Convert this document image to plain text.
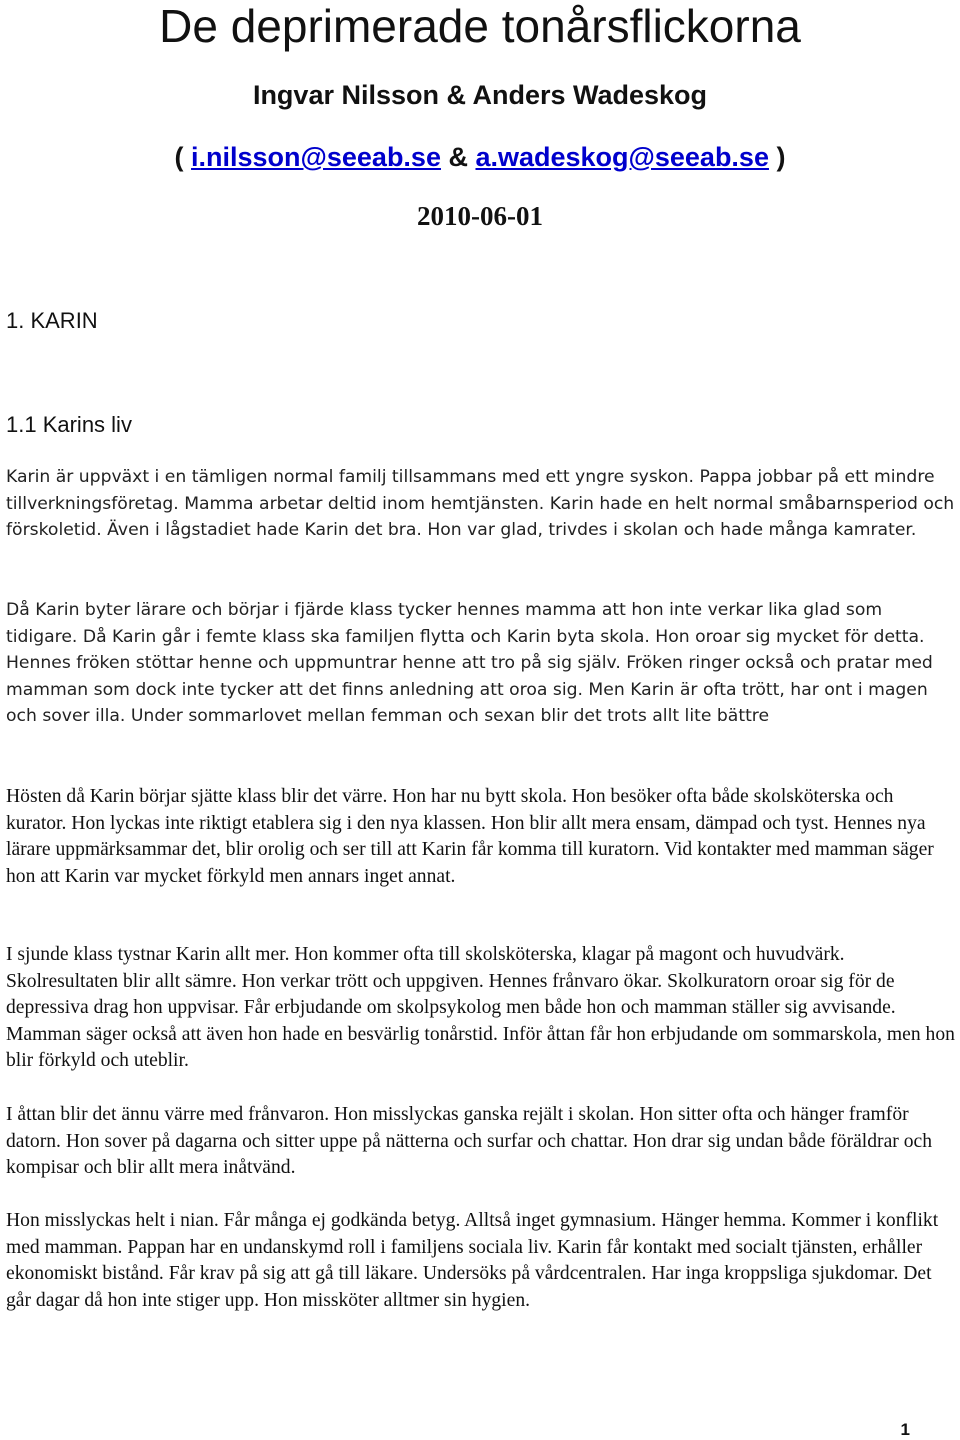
De deprimerade tonårsflickorna

Ingvar Nilsson & Anders Wadeskog

( i.nilsson@seeab.se & a.wadeskog@seeab.se )

2010-06-01

1. KARIN
1.1 Karins liv

Karin är uppväxt i en tämligen normal familj tillsammans med ett yngre syskon. Pappa jobbar på ett mindre tillverkningsföretag. Mamma arbetar deltid inom hemtjänsten. Karin hade en helt normal småbarnsperiod och förskoletid. Även i lågstadiet hade Karin det bra. Hon var glad, trivdes i skolan och hade många kamrater.

Då Karin byter lärare och börjar i fjärde klass tycker hennes mamma att hon inte verkar lika glad som tidigare. Då Karin går i femte klass ska familjen flytta och Karin byta skola. Hon oroar sig mycket för detta. Hennes fröken stöttar henne och uppmuntrar henne att tro på sig själv. Fröken ringer också och pratar med mamman som dock inte tycker att det finns anledning att oroa sig. Men Karin är ofta trött, har ont i magen och sover illa. Under sommarlovet mellan femman och sexan blir det trots allt lite bättre

Hösten då Karin börjar sjätte klass blir det värre. Hon har nu bytt skola. Hon besöker ofta både skolsköterska och kurator. Hon lyckas inte riktigt etablera sig i den nya klassen. Hon blir allt mera ensam, dämpad och tyst. Hennes nya lärare uppmärksammar det, blir orolig och ser till att Karin får komma till kuratorn. Vid kontakter med mamman säger hon att Karin var mycket förkyld men annars inget annat.

I sjunde klass tystnar Karin allt mer. Hon kommer ofta till skolsköterska, klagar på magont och huvudvärk. Skolresultaten blir allt sämre. Hon verkar trött och uppgiven. Hennes frånvaro ökar. Skolkuratorn oroar sig för de depressiva drag hon uppvisar. Får erbjudande om skolpsykolog men både hon och mamman ställer sig avvisande. Mamman säger också att även hon hade en besvärlig tonårstid. Inför åttan får hon erbjudande om sommarskola, men hon blir förkyld och uteblir.

I åttan blir det ännu värre med frånvaron. Hon misslyckas ganska rejält i skolan. Hon sitter ofta och hänger framför datorn. Hon sover på dagarna och sitter uppe på nätterna och surfar och chattar. Hon drar sig undan både föräldrar och kompisar och blir allt mera inåtvänd.

Hon misslyckas helt i nian. Får många ej godkända betyg. Alltså inget gymnasium. Hänger hemma. Kommer i konflikt med mamman. Pappan har en undanskymd roll i familjens sociala liv. Karin får kontakt med socialt tjänsten, erhåller ekonomiskt bistånd. Får krav på sig att gå till läkare. Undersöks på vårdcentralen. Har inga kroppsliga sjukdomar. Det går dagar då hon inte stiger upp. Hon missköter alltmer sin hygien.

1
